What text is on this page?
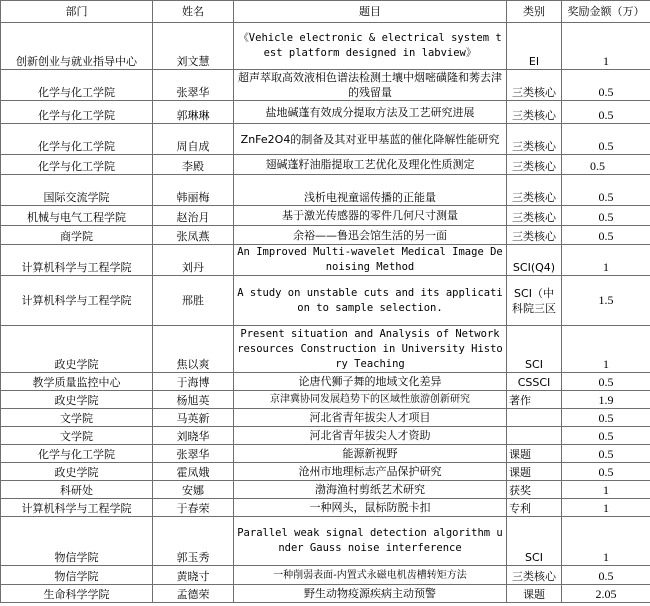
部门	姓名	题目	类别	奖励金额（万）
创新创业与就业指导中心	刘文慧	《Vehicle electronic & electrical system test platform designed in labview》	EI	1
化学与化工学院	张翠华	超声萃取高效液相色谱法检测土壤中烟嘧磺隆和莠去津的残留量	三类核心	0.5
化学与化工学院	郭琳琳	盐地碱蓬有效成分提取方法及工艺研究进展	三类核心	0.5
化学与化工学院	周自成	ZnFe2O4的制备及其对亚甲基蓝的催化降解性能研究	三类核心	0.5
化学与化工学院	李殿	翅碱蓬籽油脂提取工艺优化及理化性质测定	三类核心	0.5
国际交流学院	韩丽梅	浅析电视童谣传播的正能量	三类核心	0.5
机械与电气工程学院	赵治月	基于激光传感器的零件几何尺寸测量	三类核心	0.5
商学院	张凤燕	余裕——鲁迅会馆生活的另一面	三类核心	0.5
计算机科学与工程学院	刘丹	An Improved Multi-wavelet Medical Image Denoising Method	SCI(Q4)	1
计算机科学与工程学院	邢胜	A study on unstable cuts and its application to sample selection.	SCI（中科院三区	1.5
政史学院	焦以爽	Present situation and Analysis of Network resources Construction in University History Teaching	SCI	1
教学质量监控中心	于海博	论唐代狮子舞的地域文化差异	CSSCI	0.5
政史学院	杨旭英	京津冀协同发展趋势下的区域性旅游创新研究	著作	1.9
文学院	马英新	河北省青年拔尖人才项目		0.5
文学院	刘晓华	河北省青年拔尖人才资助		0.5
化学与化工学院	张翠华	能源新视野	课题	0.5
政史学院	霍凤娥	沧州市地理标志产品保护研究	课题	0.5
科研处	安娜	渤海渔村剪纸艺术研究	获奖	1
计算机科学与工程学院	于春荣	一种网头，鼠标防脱卡扣	专利	1
物信学院	郭玉秀	Parallel weak signal detection algorithm under Gauss noise interference	SCI	1
物信学院	黄晓寸	一种削弱表面-内置式永磁电机齿槽转矩方法	三类核心	0.5
生命科学学院	孟德荣	野生动物疫源疾病主动预警	课题	2.05
